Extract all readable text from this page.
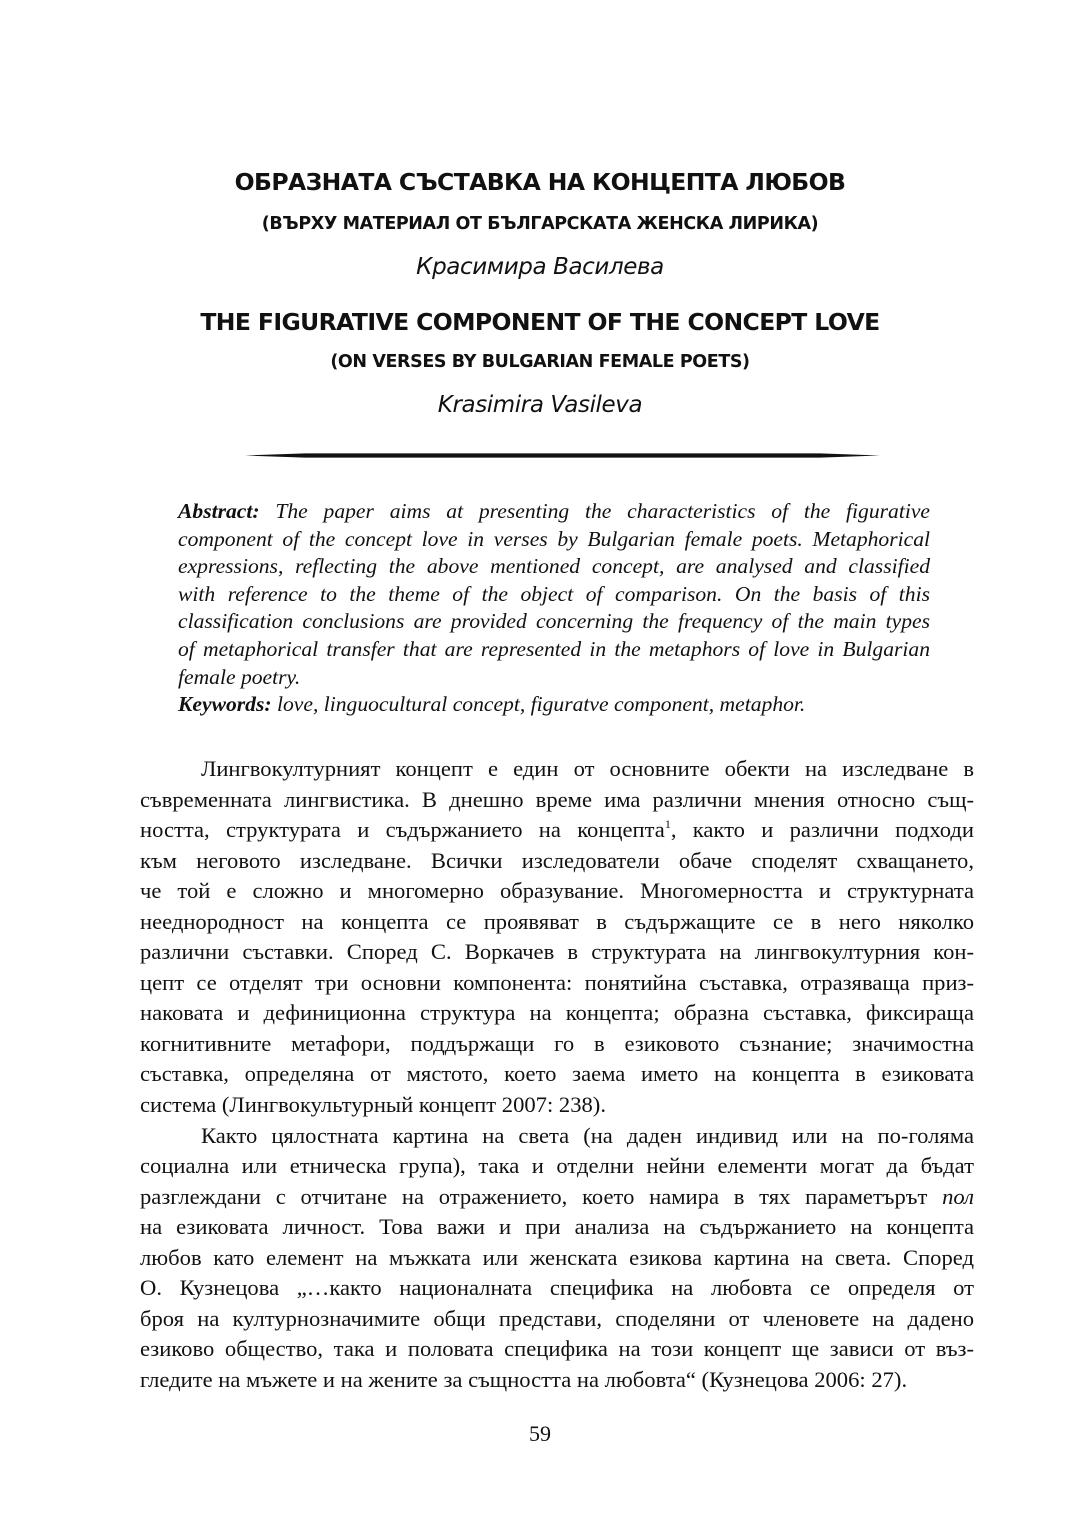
ОБРАЗНАТА СЪСТАВКА НА КОНЦЕПТА ЛЮБОВ
(ВЪРХУ МАТЕРИАЛ ОТ БЪЛГАРСКАТА ЖЕНСКА ЛИРИКА)
Красимира Василева
THE FIGURATIVE COMPONENT OF THE CONCEPT LOVE
(ON VERSES BY BULGARIAN FEMALE POETS)
Krasimira Vasileva
Abstract: The paper aims at presenting the characteristics of the figurative
component of the concept love in verses by Bulgarian female poets. Metaphorical
expressions, reflecting the above mentioned concept, are analysed and classified
with reference to the theme of the object of comparison. On the basis of this
classification conclusions are provided concerning the frequency of the main types
of metaphorical transfer that are represented in the metaphors of love in Bulgarian
female poetry.
Keywords: love, linguocultural concept, figuratve component, metaphor.
Лингвокултурният концепт е един от основните обекти на изследване в
съвременната лингвистика. В днешно време има различни мнения относно същ-
ността, структурата и съдържанието на концепта$^1$, както и различни подходи
към неговото изследване. Всички изследователи обаче споделят схващането,
че той е сложно и многомерно образувание. Многомерността и структурната
нееднородност на концепта се проявяват в съдържащите се в него няколко
различни съставки. Според С. Воркачев в структурата на лингвокултурния кон-
цепт се отделят три основни компонента: понятийна съставка, отразяваща приз-
наковата и дефиниционна структура на концепта; образна съставка, фиксираща
когнитивните метафори, поддържащи го в езиковото съзнание; значимостна
съставка, определяна от мястото, което заема името на концепта в езиковата
система (Лингвокультурный концепт 2007: 238).
Както цялостната картина на света (на даден индивид или на по-голяма
социална или етническа група), така и отделни нейни елементи могат да бъдат
разглеждани с отчитане на отражението, което намира в тях параметърът пол
на езиковата личност. Това важи и при анализа на съдържанието на концепта
любов като елемент на мъжката или женската езикова картина на света. Според
О. Кузнецова „…както националната специфика на любовта се определя от
броя на културнозначимите общи представи, споделяни от членовете на дадено
езиково общество, така и половата специфика на този концепт ще зависи от въз-
гледите на мъжете и на жените за същността на любовта“ (Кузнецова 2006: 27).
59
